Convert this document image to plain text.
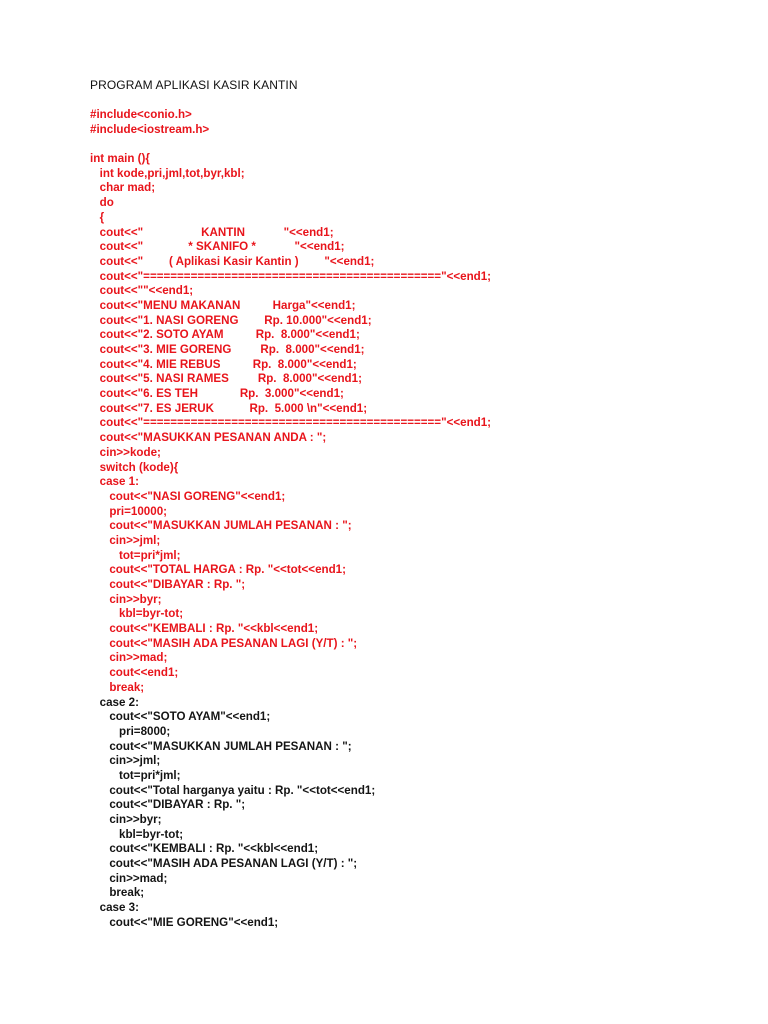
PROGRAM APLIKASI KASIR KANTIN
#include<conio.h>
#include<iostream.h>
int main (){
int kode,pri,jml,tot,byr,kbl;
char mad;
do
{
cout<<"                  KANTIN            "<<end1;
cout<<"              * SKANIFO *            "<<end1;
cout<<"        ( Aplikasi Kasir Kantin )        "<<end1;
cout<<"============================================"<<end1;
cout<<""<<end1;
cout<<"MENU MAKANAN          Harga"<<end1;
cout<<"1. NASI GORENG        Rp. 10.000"<<end1;
cout<<"2. SOTO AYAM          Rp.  8.000"<<end1;
cout<<"3. MIE GORENG         Rp.  8.000"<<end1;
cout<<"4. MIE REBUS          Rp.  8.000"<<end1;
cout<<"5. NASI RAMES         Rp.  8.000"<<end1;
cout<<"6. ES TEH             Rp.  3.000"<<end1;
cout<<"7. ES JERUK           Rp.  5.000 \n"<<end1;
cout<<"============================================"<<end1;
cout<<"MASUKKAN PESANAN ANDA : ";
cin>>kode;
switch (kode){
case 1:
cout<<"NASI GORENG"<<end1;
pri=10000;
cout<<"MASUKKAN JUMLAH PESANAN : ";
cin>>jml;
tot=pri*jml;
cout<<"TOTAL HARGA : Rp. "<<tot<<end1;
cout<<"DIBAYAR : Rp. ";
cin>>byr;
kbl=byr-tot;
cout<<"KEMBALI : Rp. "<<kbl<<end1;
cout<<"MASIH ADA PESANAN LAGI (Y/T) : ";
cin>>mad;
cout<<end1;
break;
case 2:
cout<<"SOTO AYAM"<<end1;
pri=8000;
cout<<"MASUKKAN JUMLAH PESANAN : ";
cin>>jml;
tot=pri*jml;
cout<<"Total harganya yaitu : Rp. "<<tot<<end1;
cout<<"DIBAYAR : Rp. ";
cin>>byr;
kbl=byr-tot;
cout<<"KEMBALI : Rp. "<<kbl<<end1;
cout<<"MASIH ADA PESANAN LAGI (Y/T) : ";
cin>>mad;
break;
case 3:
cout<<"MIE GORENG"<<end1;
